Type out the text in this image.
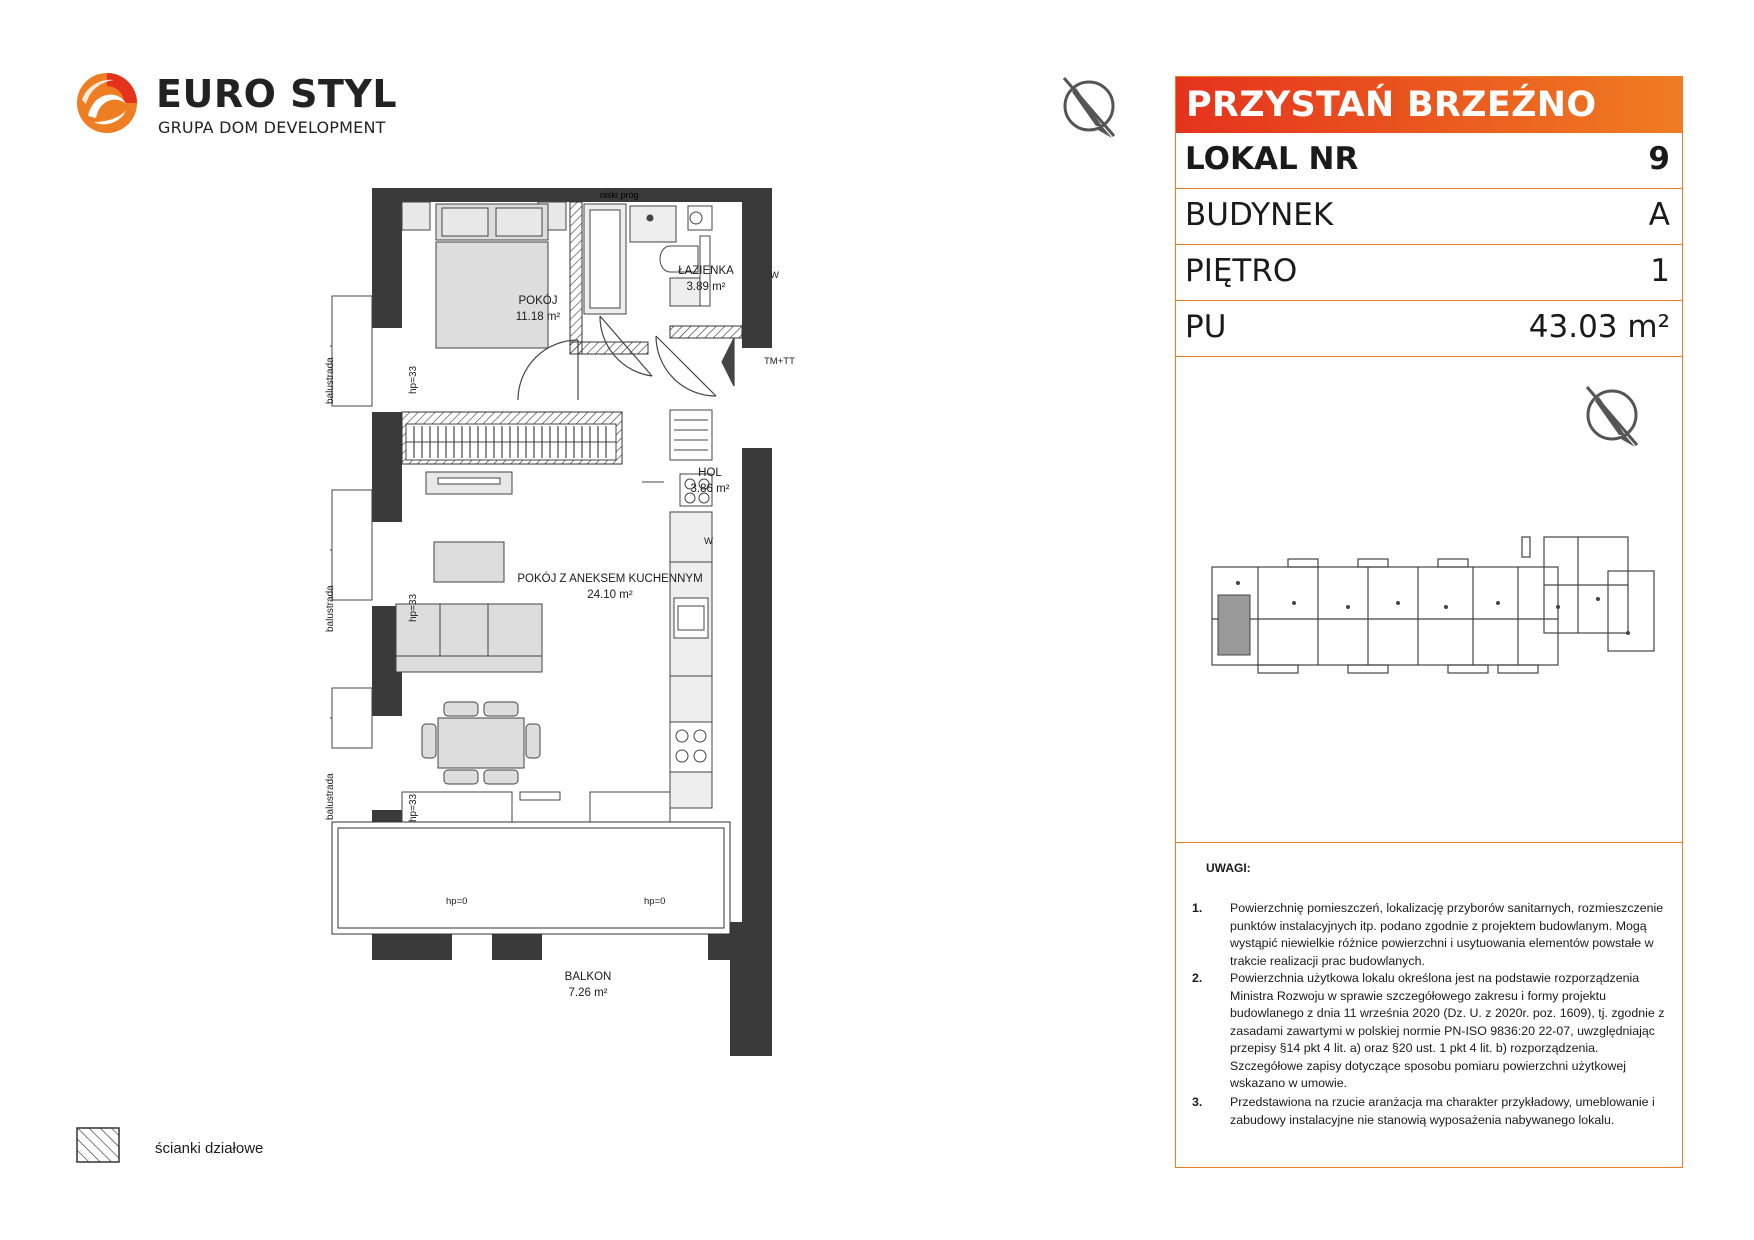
EURO STYL
GRUPA DOM DEVELOPMENT
niski próg
POKÓJ
11.18 m²
ŁAZIENKA
3.89 m²
HOL
3.86 m²
POKÓJ Z ANEKSEM KUCHENNYM
24.10 m²
BALKON
7.26 m²
balustrada
balustrada
balustrada
hp=33
hp=33
hp=33
hp=0	hp=0
TM+TT
W
W
PRZYSTAŃ BRZEŹNO
LOKAL NR	9
BUDYNEK	A
PIĘTRO	1
PU	43.03 m²
UWAGI:
1. Powierzchnię pomieszczeń, lokalizację przyborów sanitarnych, rozmieszczenie punktów instalacyjnych itp. podano zgodnie z projektem budowlanym. Mogą wystąpić niewielkie różnice powierzchni i usytuowania elementów powstałe w trakcie realizacji prac budowlanych.
2. Powierzchnia użytkowa lokalu określona jest na podstawie rozporządzenia Ministra Rozwoju w sprawie szczegółowego zakresu i formy projektu budowlanego z dnia 11 września 2020 (Dz. U. z 2020r. poz. 1609), tj. zgodnie z zasadami zawartymi w polskiej normie PN-ISO 9836:20 22-07, uwzględniając przepisy §14 pkt 4 lit. a) oraz §20 ust. 1 pkt 4 lit. b) rozporządzenia. Szczegółowe zapisy dotyczące sposobu pomiaru powierzchni użytkowej wskazano w umowie.
3. Przedstawiona na rzucie aranżacja ma charakter przykładowy, umeblowanie i zabudowy instalacyjne nie stanowią wyposażenia nabywanego lokalu.
ścianki działowe
